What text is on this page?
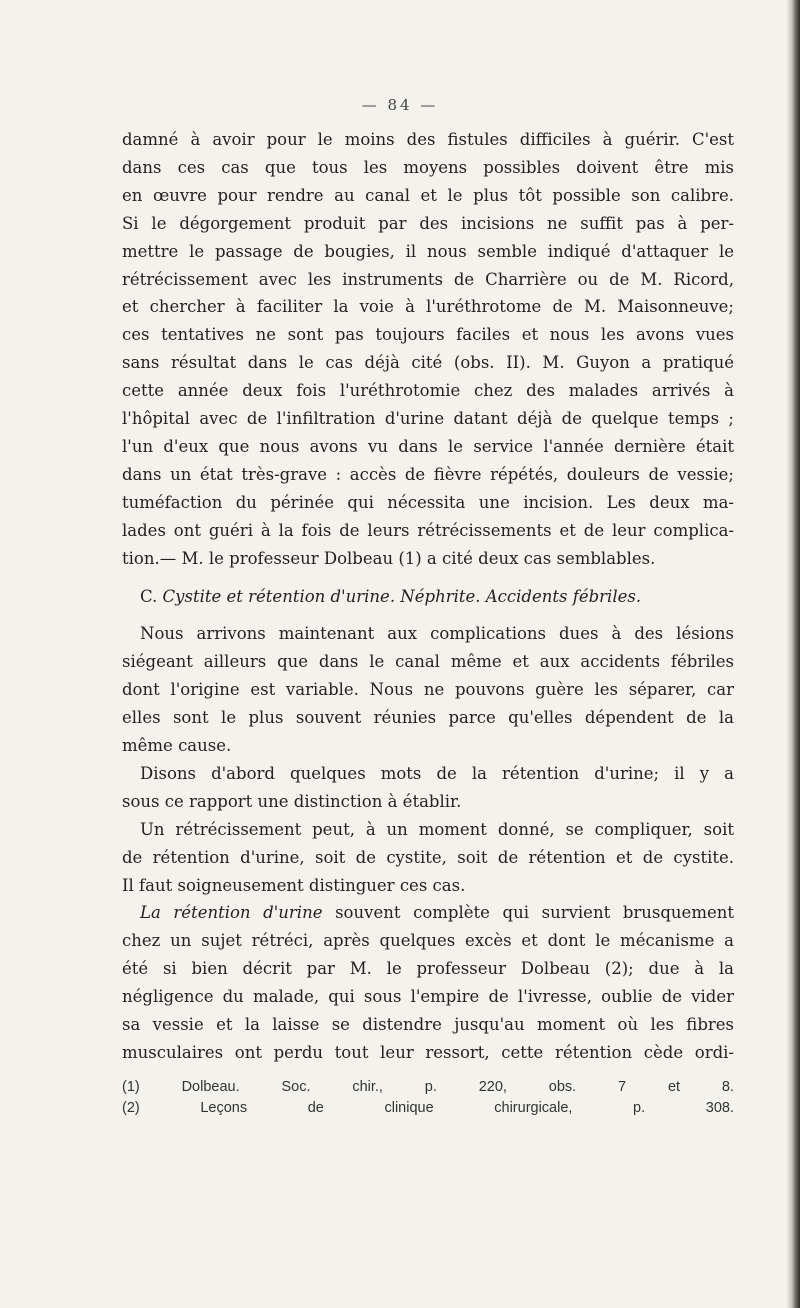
— 84 —

damné à avoir pour le moins des fistules difficiles à guérir. C'est

dans ces cas que tous les moyens possibles doivent être mis

en œuvre pour rendre au canal et le plus tôt possible son calibre.

Si le dégorgement produit par des incisions ne suffit pas à per-

mettre le passage de bougies, il nous semble indiqué d'attaquer le

rétrécissement avec les instruments de Charrière ou de M. Ricord,

et chercher à faciliter la voie à l'uréthrotome de M. Maisonneuve;

ces tentatives ne sont pas toujours faciles et nous les avons vues

sans résultat dans le cas déjà cité (obs. II). M. Guyon a pratiqué

cette année deux fois l'uréthrotomie chez des malades arrivés à

l'hôpital avec de l'infiltration d'urine datant déjà de quelque temps ;

l'un d'eux que nous avons vu dans le service l'année dernière était

dans un état très-grave : accès de fièvre répétés, douleurs de vessie;

tuméfaction du périnée qui nécessita une incision. Les deux ma-

lades ont guéri à la fois de leurs rétrécissements et de leur complica-

tion.— M. le professeur Dolbeau (1) a cité deux cas semblables.

C. Cystite et rétention d'urine. Néphrite. Accidents fébriles.

Nous arrivons maintenant aux complications dues à des lésions

siégeant ailleurs que dans le canal même et aux accidents fébriles

dont l'origine est variable. Nous ne pouvons guère les séparer, car

elles sont le plus souvent réunies parce qu'elles dépendent de la

même cause.

Disons d'abord quelques mots de la rétention d'urine; il y a

sous ce rapport une distinction à établir.

Un rétrécissement peut, à un moment donné, se compliquer, soit

de rétention d'urine, soit de cystite, soit de rétention et de cystite.

Il faut soigneusement distinguer ces cas.

La rétention d'urine souvent complète qui survient brusquement

chez un sujet rétréci, après quelques excès et dont le mécanisme a

été si bien décrit par M. le professeur Dolbeau (2); due à la

négligence du malade, qui sous l'empire de l'ivresse, oublie de vider

sa vessie et la laisse se distendre jusqu'au moment où les fibres

musculaires ont perdu tout leur ressort, cette rétention cède ordi-

(1) Dolbeau. Soc. chir., p. 220, obs. 7 et 8.

(2) Leçons de clinique chirurgicale, p. 308.
